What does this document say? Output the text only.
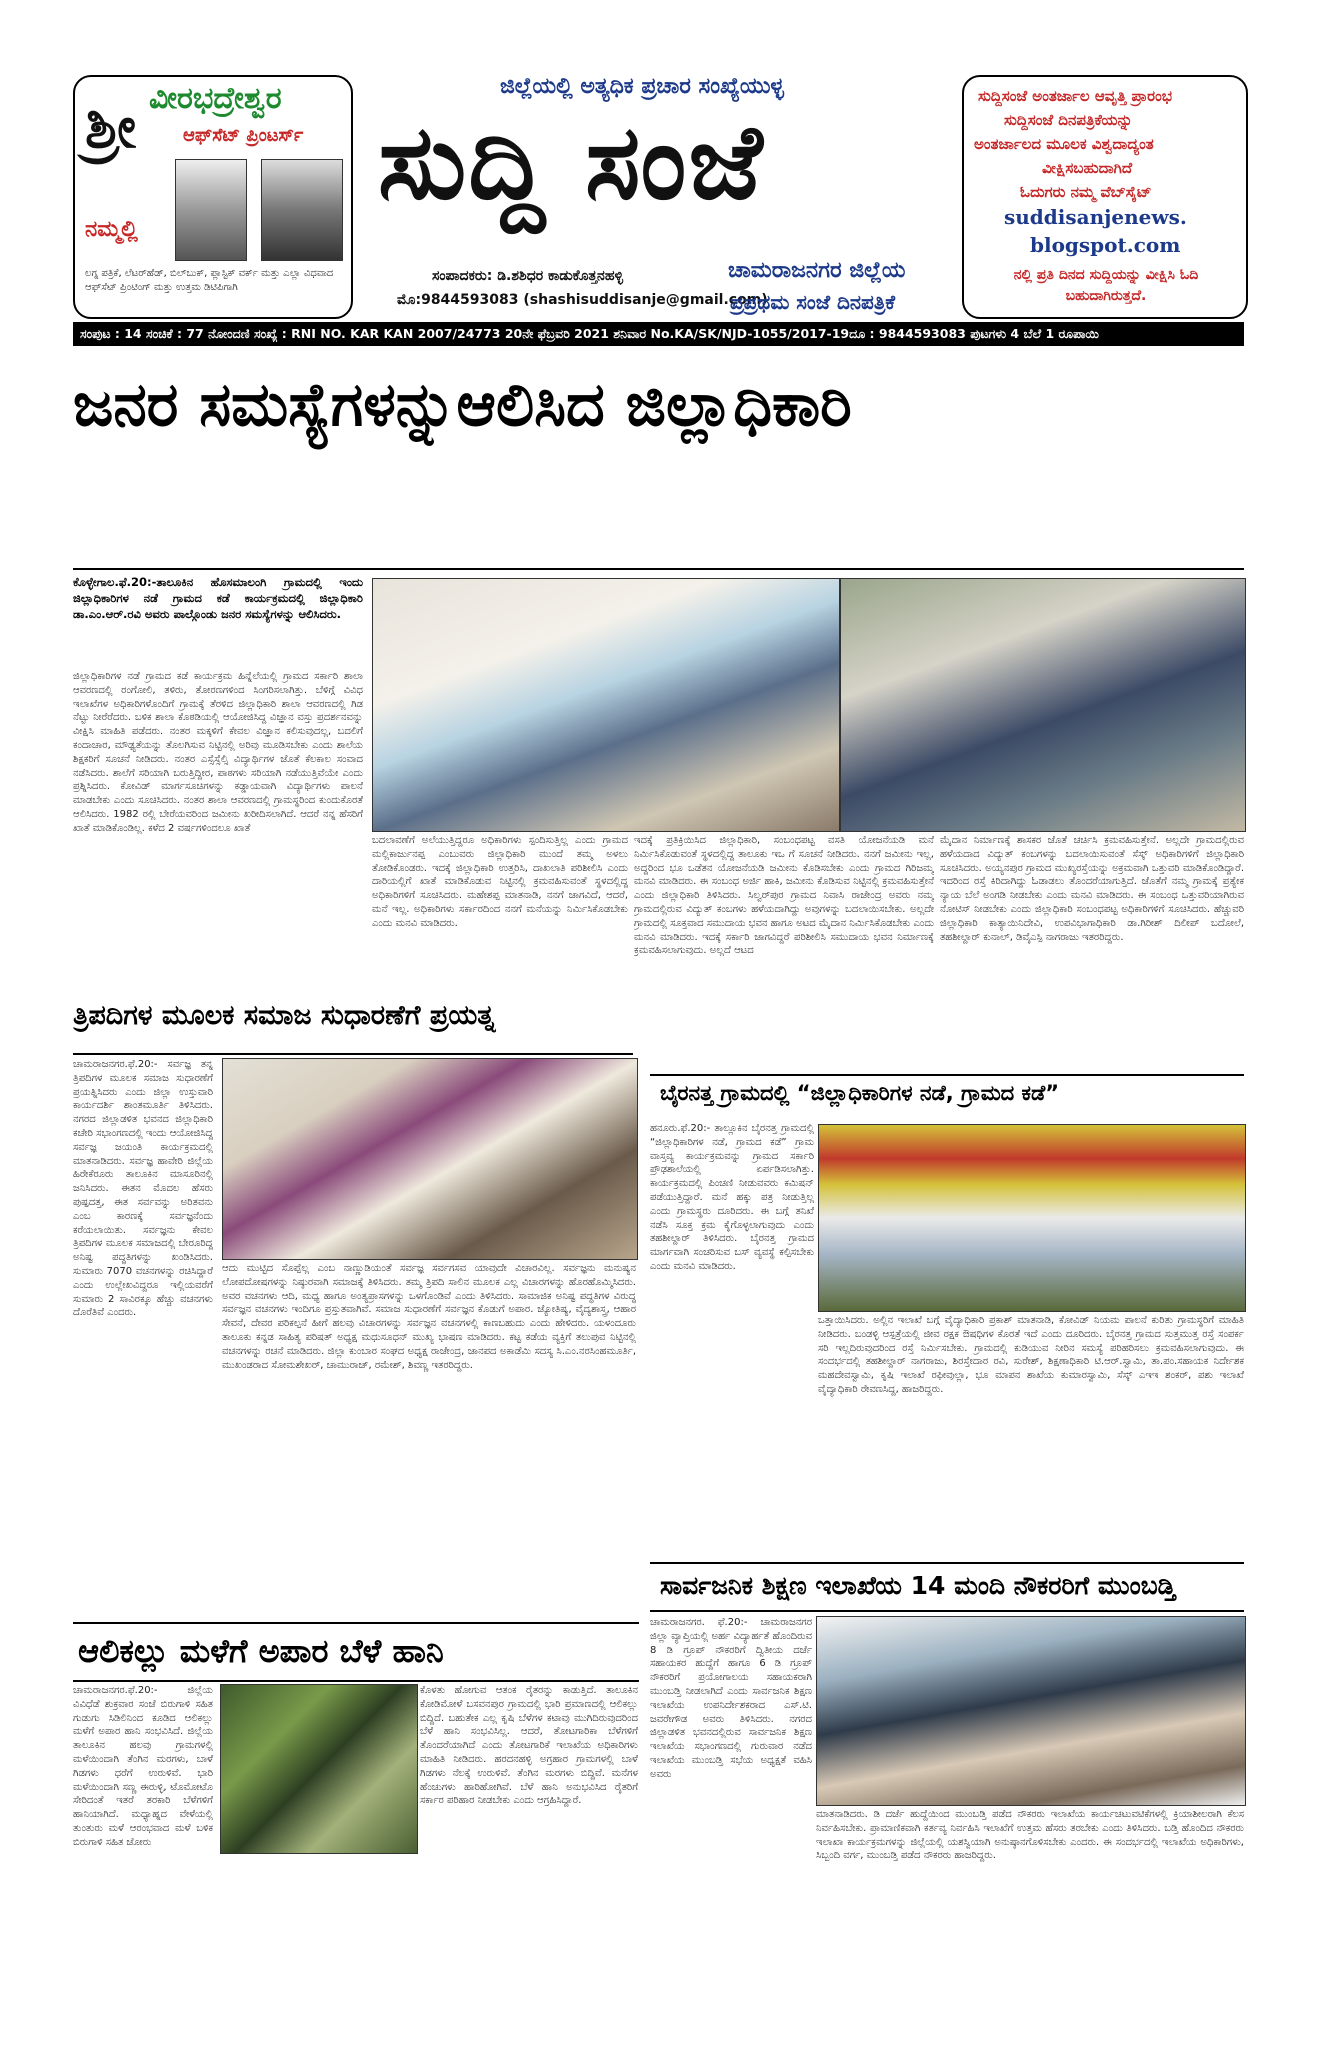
ಶ್ರೀ ವೀರಭದ್ರೇಶ್ವರ
ಆಫ್‌ಸೆಟ್ ಪ್ರಿಂಟರ್ಸ್
ನಮ್ಮಲ್ಲಿ
ಲಗ್ನ ಪತ್ರಿಕೆ, ಲೆಟರ್‌ಹೆಡ್, ಬಿಲ್‌ಬುಕ್, ಪ್ಲಾಸ್ಟಿಕ್ ವರ್ಕ್ ಮತ್ತು ಎಲ್ಲಾ ವಿಧವಾದ ಆಫ್‌ಸೆಟ್ ಪ್ರಿಂಟಿಂಗ್ ಮತ್ತು ಉತ್ತಮ ಡಿಟಿಪಿಗಾಗಿ
ಜಿಲ್ಲೆಯಲ್ಲಿ ಅತ್ಯಧಿಕ ಪ್ರಚಾರ ಸಂಖ್ಯೆಯುಳ್ಳ
ಸುದ್ದಿ ಸಂಜೆ
ಸಂಪಾದಕರು: ಡಿ.ಶಶಿಧರ ಕಾಡುಕೊತ್ತನಹಳ್ಳಿ
ಮೊ:9844593083 (shashisuddisanje@gmail.com)
ಚಾಮರಾಜನಗರ ಜಿಲ್ಲೆಯ
ಪ್ರಪ್ರಥಮ ಸಂಜೆ ದಿನಪತ್ರಿಕೆ
ಸುದ್ದಿಸಂಜೆ ಅಂತರ್ಜಾಲ ಆವೃತ್ತಿ ಪ್ರಾರಂಭ
ಸುದ್ದಿಸಂಜೆ ದಿನಪತ್ರಿಕೆಯನ್ನು
ಅಂತರ್ಜಾಲದ ಮೂಲಕ ವಿಶ್ವದಾದ್ಯಂತ
ವೀಕ್ಷಿಸಬಹುದಾಗಿದೆ
ಓದುಗರು ನಮ್ಮ ವೆಬ್‌ಸೈಟ್
suddisanjenews.
blogspot.com
ನಲ್ಲಿ ಪ್ರತಿ ದಿನದ ಸುದ್ದಿಯನ್ನು ವೀಕ್ಷಿಸಿ ಓದಿ ಬಹುದಾಗಿರುತ್ತದೆ.
ಸಂಪುಟ : 14 ಸಂಚಿಕೆ : 77 ನೋಂದಣಿ ಸಂಖ್ಯೆ : RNI NO. KAR KAN 2007/24773 20ನೇ ಫೆಬ್ರವರಿ 2021 ಶನಿವಾರ No.KA/SK/NJD-1055/2017-19ದೂ : 9844593083 ಪುಟಗಳು 4 ಬೆಲೆ 1 ರೂಪಾಯಿ
ಜನರ ಸಮಸ್ಯೆಗಳನ್ನುಆಲಿಸಿದ ಜಿಲ್ಲಾಧಿಕಾರಿ
ಕೊಳ್ಳೇಗಾಲ.ಫೆ.20:-ತಾಲೂಕಿನ ಹೊಸಮಾಲಂಗಿ ಗ್ರಾಮದಲ್ಲಿ ಇಂದು ಜಿಲ್ಲಾಧಿಕಾರಿಗಳ ನಡೆ ಗ್ರಾಮದ ಕಡೆ ಕಾರ್ಯಕ್ರಮದಲ್ಲಿ ಜಿಲ್ಲಾಧಿಕಾರಿ ಡಾ.ಎಂ.ಆರ್.ರವಿ ಅವರು ಪಾಲ್ಗೊಂಡು ಜನರ ಸಮಸ್ಯೆಗಳನ್ನು ಆಲಿಸಿದರು.
ಜಿಲ್ಲಾಧಿಕಾರಿಗಳ ನಡೆ ಗ್ರಾಮದ ಕಡೆ ಕಾರ್ಯಕ್ರಮ ಹಿನ್ನೆಲೆಯಲ್ಲಿ ಗ್ರಾಮದ ಸರ್ಕಾರಿ ಶಾಲಾ ಆವರಣದಲ್ಲಿ ರಂಗೋಲಿ, ತಳಿರು, ತೋರಣಗಳಿಂದ ಸಿಂಗರಿಸಲಾಗಿತ್ತು. ಬೆಳಿಗ್ಗೆ ವಿವಿಧ ಇಲಾಖೆಗಳ ಅಧಿಕಾರಿಗಳೊಂದಿಗೆ ಗ್ರಾಮಕ್ಕೆ ತೆರಳಿದ ಜಿಲ್ಲಾಧಿಕಾರಿ ಶಾಲಾ ಆವರಣದಲ್ಲಿ ಗಿಡ ನೆಟ್ಟು ನೀರೆರೆದರು. ಬಳಿಕ ಶಾಲಾ ಕೊಠಡಿಯಲ್ಲಿ ಆಯೋಜಿಸಿದ್ದ ವಿಜ್ಞಾನ ವಸ್ತು ಪ್ರದರ್ಶನವನ್ನು ವೀಕ್ಷಿಸಿ ಮಾಹಿತಿ ಪಡೆದರು. ನಂತರ ಮಕ್ಕಳಿಗೆ ಕೇವಲ ವಿಜ್ಞಾನ ಕಲಿಸುವುದಲ್ಲ, ಬದಲಿಗೆ ಕಂದಾಚಾರ, ಮೌಢ್ಯತೆಯನ್ನು ತೊಲಗಿಸುವ ನಿಟ್ಟಿನಲ್ಲಿ ಅರಿವು ಮೂಡಿಸಬೇಕು ಎಂದು ಶಾಲೆಯ ಶಿಕ್ಷಕರಿಗೆ ಸೂಚನೆ ನೀಡಿದರು. ನಂತರ ಎಸ್ಸೆಸ್ಸೆಲ್ಸಿ ವಿದ್ಯಾರ್ಥಿಗಳ ಜೊತೆ ಕೆಲಕಾಲ ಸಂವಾದ ನಡೆಸಿದರು. ಶಾಲೆಗೆ ಸರಿಯಾಗಿ ಬರುತ್ತಿದ್ದೀರ, ಪಾಠಗಳು ಸರಿಯಾಗಿ ನಡೆಯುತ್ತಿವೆಯೇ ಎಂದು ಪ್ರಶ್ನಿಸಿದರು. ಕೋವಿಡ್ ಮಾರ್ಗಸೂಚಿಗಳನ್ನು ಕಡ್ಡಾಯವಾಗಿ ವಿದ್ಯಾರ್ಥಿಗಳು ಪಾಲನೆ ಮಾಡಬೇಕು ಎಂದು ಸೂಚಿಸಿದರು. ನಂತರ ಶಾಲಾ ಆವರಣದಲ್ಲಿ ಗ್ರಾಮಸ್ಥರಿಂದ ಕುಂದುಕೊರತೆ ಆಲಿಸಿದರು. 1982 ರಲ್ಲಿ ಬೇರೆಯವರಿಂದ ಜಮೀನು ಖರೀದಿಸಲಾಗಿದೆ. ಆದರೆ ನನ್ನ ಹೆಸರಿಗೆ ಖಾತೆ ಮಾಡಿಕೊಂಡಿಲ್ಲ. ಕಳೆದ 2 ವರ್ಷಗಳಿಂದಲೂ ಖಾತೆ
ಬದಲಾವಣೆಗೆ ಅಲೆಯುತ್ತಿದ್ದರೂ ಅಧಿಕಾರಿಗಳು ಸ್ಪಂದಿಸುತ್ತಿಲ್ಲ ಎಂದು ಗ್ರಾಮದ ಮಲ್ಲಿಕಾರ್ಜುನಪ್ಪ ಎಂಬುವರು ಜಿಲ್ಲಾಧಿಕಾರಿ ಮುಂದೆ ತಮ್ಮ ಅಳಲು ತೋಡಿಕೊಂಡರು. ಇದಕ್ಕೆ ಜಿಲ್ಲಾಧಿಕಾರಿ ಉತ್ತರಿಸಿ, ದಾಖಲಾತಿ ಪರಿಶೀಲಿಸಿ ಎಂದು ದಾರಿಯಲ್ಲಿಗೆ ಖಾತೆ ಮಾಡಿಕೊಡುವ ನಿಟ್ಟಿನಲ್ಲಿ ಕ್ರಮವಹಿಸುವಂತೆ ಸ್ಥಳದಲ್ಲಿದ್ದ ಅಧಿಕಾರಿಗಳಿಗೆ ಸೂಚಿಸಿದರು. ಮಹೇಶಪ್ಪ ಮಾತನಾಡಿ, ನನಗೆ ಜಾಗವಿದೆ, ಆದರೆ, ಮನೆ ಇಲ್ಲ. ಅಧಿಕಾರಿಗಳು ಸರ್ಕಾರದಿಂದ ನನಗೆ ಮನೆಯನ್ನು ನಿರ್ಮಿಸಿಕೊಡಬೇಕು ಎಂದು ಮನವಿ ಮಾಡಿದರು.
ಇದಕ್ಕೆ ಪ್ರತಿಕ್ರಿಯಿಸಿದ ಜಿಲ್ಲಾಧಿಕಾರಿ, ಸಂಬಂಧಪಟ್ಟ ವಸತಿ ಯೋಜನೆಯಡಿ ಮನೆ ನಿರ್ಮಿಸಿಕೊಡುವಂತೆ ಸ್ಥಳದಲ್ಲಿದ್ದ ತಾಲೂಕು ಇಒ ಗೆ ಸೂಚನೆ ನೀಡಿದರು. ನನಗೆ ಜಮೀನು ಇಲ್ಲ, ಅದ್ದರಿಂದ ಭೂ ಒಡೆತನ ಯೋಜನೆಯಡಿ ಜಮೀನು ಕೊಡಿಸಬೇಕು ಎಂದು ಗ್ರಾಮದ ಗಿರಿಜಮ್ಮ ಮನವಿ ಮಾಡಿದರು. ಈ ಸಂಬಂಧ ಅರ್ಜಿ ಹಾಕಿ, ಜಮೀನು ಕೊಡಿಸುವ ನಿಟ್ಟಿನಲ್ಲಿ ಕ್ರಮವಹಿಸುತ್ತೇನೆ ಎಂದು ಜಿಲ್ಲಾಧಿಕಾರಿ ತಿಳಿಸಿದರು. ಸಿಲ್ವರ್‌ಪುರ ಗ್ರಾಮದ ನಿವಾಸಿ ರಾಜೇಂದ್ರ ಅವರು ನಮ್ಮ ಗ್ರಾಮದಲ್ಲಿರುವ ವಿದ್ಯುತ್ ಕಂಬಗಳು ಹಳೆಯದಾಗಿದ್ದು ಅವುಗಳನ್ನು ಬದಲಾಯಿಸಬೇಕು. ಅಲ್ಲದೇ ಗ್ರಾಮದಲ್ಲಿ ಸೂಕ್ತವಾದ ಸಮುದಾಯ ಭವನ ಹಾಗೂ ಅಟದ ಮೈದಾನ ನಿರ್ಮಿಸಿಕೊಡಬೇಕು ಎಂದು ಮನವಿ ಮಾಡಿದರು. ಇದಕ್ಕೆ ಸರ್ಕಾರಿ ಜಾಗವಿದ್ದರೆ ಪರಿಶೀಲಿಸಿ ಸಮುದಾಯ ಭವನ ನಿರ್ಮಾಣಕ್ಕೆ ಕ್ರಮವಹಿಸಲಾಗುವುದು. ಅಲ್ಲದೆ ಆಟದ
ಮೈದಾನ ನಿರ್ಮಾಣಕ್ಕೆ ಶಾಸಕರ ಜೊತೆ ಚರ್ಚಿಸಿ ಕ್ರಮವಹಿಸುತ್ತೇನೆ. ಅಲ್ಲದೇ ಗ್ರಾಮದಲ್ಲಿರುವ ಹಳೆಯದಾದ ವಿದ್ಯುತ್ ಕಂಬಗಳನ್ನು ಬದಲಾಯಿಸುವಂತೆ ಸೆಸ್ಕ್ ಅಧಿಕಾರಿಗಳಿಗೆ ಜಿಲ್ಲಾಧಿಕಾರಿ ಸೂಚಿಸಿದರು. ಅಯ್ಯನಪುರ ಗ್ರಾಮದ ಮುಖ್ಯರಸ್ತೆಯನ್ನು ಅಕ್ರಮವಾಗಿ ಒತ್ತುವರಿ ಮಾಡಿಕೊಂಡಿದ್ದಾರೆ. ಇದರಿಂದ ರಸ್ತೆ ಕಿರಿದಾಗಿದ್ದು ಓಡಾಡಲು ತೊಂದರೆಯಾಗುತ್ತಿದೆ. ಜೊತೆಗೆ ನಮ್ಮ ಗ್ರಾಮಕ್ಕೆ ಪ್ರತ್ಯೇಕ ನ್ಯಾಯ ಬೆಲೆ ಅಂಗಡಿ ನೀಡಬೇಕು ಎಂದು ಮನವಿ ಮಾಡಿದರು. ಈ ಸಂಬಂಧ ಒತ್ತುವರಿಯಾಗಿರುವ ನೋಟಿಸ್ ನೀಡಬೇಕು ಎಂದು ಜಿಲ್ಲಾಧಿಕಾರಿ ಸಂಬಂಧಪಟ್ಟ ಅಧಿಕಾರಿಗಳಿಗೆ ಸೂಚಿಸಿದರು. ಹೆಚ್ಚುವರಿ ಜಿಲ್ಲಾಧಿಕಾರಿ ಕಾತ್ಯಾಯಿನಿದೇವಿ, ಉಪವಿಭಾಗಾಧಿಕಾರಿ ಡಾ.ಗಿರೀಶ್ ದಿಲೀಪ್ ಬದೋಲೆ, ತಹಶೀಲ್ದಾರ್ ಕುನಾಲ್, ಡಿವೈಎಸ್ಪಿ ನಾಗರಾಜು ಇತರರಿದ್ದರು.
ತ್ರಿಪದಿಗಳ ಮೂಲಕ ಸಮಾಜ ಸುಧಾರಣೆಗೆ ಪ್ರಯತ್ನ
ಚಾಮರಾಜನಗರ.ಫೆ.20:- ಸರ್ವಜ್ಞ ತನ್ನ ತ್ರಿಪದಿಗಳ ಮೂಲಕ ಸಮಾಜ ಸುಧಾರಣೆಗೆ ಪ್ರಯತ್ನಿಸಿದರು ಎಂದು ಜಿಲ್ಲಾ ಉಸ್ತುವಾರಿ ಕಾರ್ಯದರ್ಶಿ ಶಾಂತಮೂರ್ತಿ ತಿಳಿಸಿದರು. ನಗರದ ಜಿಲ್ಲಾಡಳಿತ ಭವನದ ಜಿಲ್ಲಾಧಿಕಾರಿ ಕಚೇರಿ ಸಭಾಂಗಣದಲ್ಲಿ ಇಂದು ಆಯೋಜಿಸಿದ್ದ ಸರ್ವಜ್ಞ ಜಯಂತಿ ಕಾರ್ಯಕ್ರಮದಲ್ಲಿ ಮಾತನಾಡಿದರು. ಸರ್ವಜ್ಞ ಹಾವೇರಿ ಜಿಲ್ಲೆಯ ಹಿರೇಕೆರೂರು ತಾಲೂಕಿನ ಮಾಸೂರಿನಲ್ಲಿ ಜನಿಸಿದರು. ಈತನ ಮೊದಲ ಹೆಸರು ಪುಷ್ಪದತ್ತ, ಈತ ಸರ್ವವನ್ನು ಅರಿತವನು ಎಂಬ ಕಾರಣಕ್ಕೆ ಸರ್ವಜ್ಞನೆಂದು ಕರೆಯಲಾಯಿತು. ಸರ್ವಜ್ಞನು ಕೇವಲ ತ್ರಿಪದಿಗಳ ಮೂಲಕ ಸಮಾಜದಲ್ಲಿ ಬೇರೂರಿದ್ದ ಅನಿಷ್ಟ ಪದ್ಧತಿಗಳನ್ನು ಖಂಡಿಸಿದರು. ಸುಮಾರು 7070 ವಚನಗಳನ್ನು ರಚಿಸಿದ್ದಾರೆ ಎಂದು ಉಲ್ಲೇಖವಿದ್ದರೂ ಇಲ್ಲಿಯವರೆಗೆ ಸುಮಾರು 2 ಸಾವಿರಕ್ಕೂ ಹೆಚ್ಚು ವಚನಗಳು ದೊರೆತಿವೆ ಎಂದರು.
ಆದು ಮುಟ್ಟಿದ ಸೊಪ್ಪೆಲ್ಲ ಎಂಬ ನಾಣ್ಣುಡಿಯಂತೆ ಸರ್ವಜ್ಞ ಸರ್ವಗಸವ ಯಾವುದೇ ವಿಚಾರವಿಲ್ಲ. ಸರ್ವಜ್ಞನು ಮನುಷ್ಯನ ಲೋಪದೋಷಗಳನ್ನು ನಿಷ್ಠುರವಾಗಿ ಸಮಾಜಕ್ಕೆ ತಿಳಿಸಿದರು. ತಮ್ಮ ತ್ರಿಪದಿ ಸಾಲಿನ ಮೂಲಕ ಎಲ್ಲ ವಿಚಾರಗಳನ್ನು ಹೊರಹೊಮ್ಮಿಸಿದರು. ಅವರ ವಚನಗಳು ಆದಿ, ಮಧ್ಯ ಹಾಗೂ ಅಂತ್ಯಪ್ರಾಸಗಳನ್ನು ಒಳಗೊಂಡಿವೆ ಎಂದು ತಿಳಿಸಿದರು. ಸಾಮಾಜಿಕ ಅನಿಷ್ಟ ಪದ್ಧತಿಗಳ ವಿರುದ್ಧ ಸರ್ವಜ್ಞನ ವಚನಗಳು ಇಂದಿಗೂ ಪ್ರಸ್ತುತವಾಗಿವೆ. ಸಮಾಜ ಸುಧಾರಣೆಗೆ ಸರ್ವಜ್ಞನ ಕೊಡುಗೆ ಅಪಾರ. ಜ್ಯೋತಿಷ್ಯ, ವೈದ್ಯಶಾಸ್ತ್ರ, ಆಹಾರ ಸೇವನೆ, ದೇವರ ಪರಿಕಲ್ಪನೆ ಹೀಗೆ ಹಲವು ವಿಚಾರಗಳನ್ನು ಸರ್ವಜ್ಞನ ವಚನಗಳಲ್ಲಿ ಕಾಣಬಹುದು ಎಂದು ಹೇಳಿದರು. ಯಳಂದೂರು ತಾಲೂಕು ಕನ್ನಡ ಸಾಹಿತ್ಯ ಪರಿಷತ್ ಅಧ್ಯಕ್ಷ ಮಧುಸೂಧನ್ ಮುಖ್ಯ ಭಾಷಣ ಮಾಡಿದರು. ಕಟ್ಟ ಕಡೆಯ ವ್ಯಕ್ತಿಗೆ ತಲುಪುವ ನಿಟ್ಟಿನಲ್ಲಿ ವಚನಗಳನ್ನು ರಚನೆ ಮಾಡಿದರು. ಜಿಲ್ಲಾ ಕುಂಬಾರ ಸಂಘದ ಅಧ್ಯಕ್ಷ ರಾಜೇಂದ್ರ, ಜಾನಪದ ಅಕಾಡೆಮಿ ಸದಸ್ಯ ಸಿ.ಎಂ.ನರಸಿಂಹಮೂರ್ತಿ, ಮುಖಂಡರಾದ ಸೋಮಶೇಖರ್, ಚಾಮುರಾಜ್, ರಮೇಶ್, ಶಿವಣ್ಣ ಇತರರಿದ್ದರು.
ಬೈರನತ್ತ ಗ್ರಾಮದಲ್ಲಿ “ಜಿಲ್ಲಾಧಿಕಾರಿಗಳ ನಡೆ, ಗ್ರಾಮದ ಕಡೆ”
ಹನೂರು.ಫೆ.20:- ತಾಲ್ಲೂಕಿನ ಬೈರನತ್ತ ಗ್ರಾಮದಲ್ಲಿ “ಜಿಲ್ಲಾಧಿಕಾರಿಗಳ ನಡೆ, ಗ್ರಾಮದ ಕಡೆ” ಗ್ರಾಮ ವಾಸ್ತವ್ಯ ಕಾರ್ಯಕ್ರಮವನ್ನು ಗ್ರಾಮದ ಸರ್ಕಾರಿ ಪ್ರೌಢಶಾಲೆಯಲ್ಲಿ ಏರ್ಪಡಿಸಲಾಗಿತ್ತು. ಕಾರ್ಯಕ್ರಮದಲ್ಲಿ ಪಿಂಚಣಿ ನೀಡುವವರು ಕಮಿಷನ್ ಪಡೆಯುತ್ತಿದ್ದಾರೆ. ಮನೆ ಹಕ್ಕು ಪತ್ರ ನೀಡುತ್ತಿಲ್ಲ ಎಂದು ಗ್ರಾಮಸ್ಥರು ದೂರಿದರು. ಈ ಬಗ್ಗೆ ತನಿಖೆ ನಡೆಸಿ ಸೂಕ್ತ ಕ್ರಮ ಕೈಗೊಳ್ಳಲಾಗುವುದು ಎಂದು ತಹಶೀಲ್ದಾರ್ ತಿಳಿಸಿದರು. ಬೈರನತ್ತ ಗ್ರಾಮದ ಮಾರ್ಗವಾಗಿ ಸಂಚರಿಸುವ ಬಸ್ ವ್ಯವಸ್ಥೆ ಕಲ್ಪಿಸಬೇಕು ಎಂದು ಮನವಿ ಮಾಡಿದರು.
ಒತ್ತಾಯಿಸಿದರು. ಅಲ್ಲಿನ ಇಲಾಖೆ ಬಗ್ಗೆ ವೈದ್ಯಾಧಿಕಾರಿ ಪ್ರಕಾಶ್ ಮಾತನಾಡಿ, ಕೋವಿಡ್ ನಿಯಮ ಪಾಲನೆ ಕುರಿತು ಗ್ರಾಮಸ್ಥರಿಗೆ ಮಾಹಿತಿ ನೀಡಿದರು. ಬಂಡಳ್ಳಿ ಆಸ್ಪತ್ರೆಯಲ್ಲಿ ಜೀವ ರಕ್ಷಕ ಔಷಧಿಗಳ ಕೊರತೆ ಇದೆ ಎಂದು ದೂರಿದರು. ಬೈರನತ್ತ ಗ್ರಾಮದ ಸುತ್ತಮುತ್ತ ರಸ್ತೆ ಸಂಪರ್ಕ ಸರಿ ಇಲ್ಲದಿರುವುದರಿಂದ ರಸ್ತೆ ನಿರ್ಮಿಸಬೇಕು. ಗ್ರಾಮದಲ್ಲಿ ಕುಡಿಯುವ ನೀರಿನ ಸಮಸ್ಯೆ ಪರಿಹರಿಸಲು ಕ್ರಮವಹಿಸಲಾಗುವುದು. ಈ ಸಂದರ್ಭದಲ್ಲಿ ತಹಶೀಲ್ದಾರ್ ನಾಗರಾಜು, ಶಿರಸ್ತೇದಾರ ರವಿ, ಸುರೇಶ್, ಶಿಕ್ಷಣಾಧಿಕಾರಿ ಟಿ.ಆರ್.ಸ್ವಾಮಿ, ತಾ.ಪಂ.ಸಹಾಯಕ ನಿರ್ದೇಶಕ ಮಹದೇವಸ್ವಾಮಿ, ಕೃಷಿ ಇಲಾಖೆ ರಫೀವುಲ್ಲಾ, ಭೂ ಮಾಪನ ಶಾಖೆಯ ಕುಮಾರಸ್ವಾಮಿ, ಸೆಸ್ಕ್ ಎಇಇ ಶಂಕರ್, ಪಶು ಇಲಾಖೆ ವೈದ್ಯಾಧಿಕಾರಿ ರೇವಣಸಿದ್ದ, ಹಾಜರಿದ್ದರು.
ಸಾರ್ವಜನಿಕ ಶಿಕ್ಷಣ ಇಲಾಖೆಯ 14 ಮಂದಿ ನೌಕರರಿಗೆ ಮುಂಬಡ್ತಿ
ಚಾಮರಾಜನಗರ. ಫೆ.20:- ಚಾಮರಾಜನಗರ ಜಿಲ್ಲಾ ವ್ಯಾಪ್ತಿಯಲ್ಲಿ ಅರ್ಹ ವಿದ್ಯಾರ್ಹತೆ ಹೊಂದಿರುವ 8 ಡಿ ಗ್ರೂಪ್ ನೌಕರರಿಗೆ ದ್ವಿತೀಯ ದರ್ಜೆ ಸಹಾಯಕರ ಹುದ್ದೆಗೆ ಹಾಗೂ 6 ಡಿ ಗ್ರೂಪ್ ನೌಕರರಿಗೆ ಪ್ರಯೋಗಾಲಯ ಸಹಾಯಕರಾಗಿ ಮುಂಬಡ್ತಿ ನೀಡಲಾಗಿದೆ ಎಂದು ಸಾರ್ವಜನಿಕ ಶಿಕ್ಷಣ ಇಲಾಖೆಯ ಉಪನಿರ್ದೇಶಕರಾದ ಎಸ್.ಟಿ. ಜವರೇಗೌಡ ಅವರು ತಿಳಿಸಿದರು. ನಗರದ ಜಿಲ್ಲಾಡಳಿತ ಭವನದಲ್ಲಿರುವ ಸಾರ್ವಜನಿಕ ಶಿಕ್ಷಣ ಇಲಾಖೆಯ ಸಭಾಂಗಣದಲ್ಲಿ ಗುರುವಾರ ನಡೆದ ಇಲಾಖೆಯ ಮುಂಬಡ್ತಿ ಸಭೆಯ ಅಧ್ಯಕ್ಷತೆ ವಹಿಸಿ ಅವರು
ಮಾತನಾಡಿದರು. ಡಿ ದರ್ಜೆ ಹುದ್ದೆಯಿಂದ ಮುಂಬಡ್ತಿ ಪಡೆದ ನೌಕರರು ಇಲಾಖೆಯ ಕಾರ್ಯಚಟುವಟಿಕೆಗಳಲ್ಲಿ ಕ್ರಿಯಾಶೀಲರಾಗಿ ಕೆಲಸ ನಿರ್ವಹಿಸಬೇಕು. ಪ್ರಾಮಾಣಿಕವಾಗಿ ಕರ್ತವ್ಯ ನಿರ್ವಹಿಸಿ ಇಲಾಖೆಗೆ ಉತ್ತಮ ಹೆಸರು ತರಬೇಕು ಎಂದು ತಿಳಿಸಿದರು. ಬಡ್ತಿ ಹೊಂದಿದ ನೌಕರರು ಇಲಾಖಾ ಕಾರ್ಯಕ್ರಮಗಳನ್ನು ಜಿಲ್ಲೆಯಲ್ಲಿ ಯಶಸ್ವಿಯಾಗಿ ಅನುಷ್ಠಾನಗೊಳಿಸಬೇಕು ಎಂದರು. ಈ ಸಂದರ್ಭದಲ್ಲಿ ಇಲಾಖೆಯ ಅಧಿಕಾರಿಗಳು, ಸಿಬ್ಬಂದಿ ವರ್ಗ, ಮುಂಬಡ್ತಿ ಪಡೆದ ನೌಕರರು ಹಾಜರಿದ್ದರು.
ಆಲಿಕಲ್ಲು ಮಳೆಗೆ ಅಪಾರ ಬೆಳೆ ಹಾನಿ
ಚಾಮರಾಜನಗರ.ಫೆ.20:- ಜಿಲ್ಲೆಯ ವಿವಿಧೆಡೆ ಶುಕ್ರವಾರ ಸಂಜೆ ಬಿರುಗಾಳಿ ಸಹಿತ ಗುಡುಗು ಸಿಡಿಲಿನಿಂದ ಕೂಡಿದ ಆಲಿಕಲ್ಲು ಮಳೆಗೆ ಅಪಾರ ಹಾನಿ ಸಂಭವಿಸಿದೆ. ಜಿಲ್ಲೆಯ ತಾಲೂಕಿನ ಹಲವು ಗ್ರಾಮಗಳಲ್ಲಿ ಮಳೆಯಿಂದಾಗಿ ತೆಂಗಿನ ಮರಗಳು, ಬಾಳೆ ಗಿಡಗಳು ಧರೆಗೆ ಉರುಳಿವೆ. ಭಾರಿ ಮಳೆಯಿಂದಾಗಿ ಸಣ್ಣ ಈರುಳ್ಳಿ, ಟೊಮೋಟೊ ಸೇರಿದಂತೆ ಇತರೆ ತರಕಾರಿ ಬೆಳೆಗಳಿಗೆ ಹಾನಿಯಾಗಿದೆ. ಮಧ್ಯಾಹ್ನದ ವೇಳೆಯಲ್ಲಿ ತುಂತುರು ಮಳೆ ಆರಂಭವಾದ ಮಳೆ ಬಳಿಕ ಬಿರುಗಾಳಿ ಸಹಿತ ಜೋರು
ಕೊಳತು ಹೋಗುವ ಆತಂಕ ರೈತರನ್ನು ಕಾಡುತ್ತಿದೆ. ತಾಲೂಕಿನ ಕೋಡಿಮೋಳೆ ಬಸವನಪುರ ಗ್ರಾಮದಲ್ಲಿ ಭಾರಿ ಪ್ರಮಾಣದಲ್ಲಿ ಆಲಿಕಲ್ಲು ಬಿದ್ದಿದೆ. ಬಹುತೇಕ ಎಲ್ಲ ಕೃಷಿ ಬೆಳೆಗಳ ಕಟಾವು ಮುಗಿದಿರುವುದರಿಂದ ಬೆಳೆ ಹಾನಿ ಸಂಭವಿಸಿಲ್ಲ. ಆದರೆ, ತೋಟಗಾರಿಕಾ ಬೆಳೆಗಳಿಗೆ ತೊಂದರೆಯಾಗಿದೆ ಎಂದು ತೋಟಗಾರಿಕೆ ಇಲಾಖೆಯ ಅಧಿಕಾರಿಗಳು ಮಾಹಿತಿ ನೀಡಿದರು. ಹರದನಹಳ್ಳಿ ಅಗ್ರಹಾರ ಗ್ರಾಮಗಳಲ್ಲಿ ಬಾಳೆ ಗಿಡಗಳು ನೆಲಕ್ಕೆ ಉರುಳಿವೆ. ತೆಂಗಿನ ಮರಗಳು ಬಿದ್ದಿವೆ. ಮನೆಗಳ ಹೆಂಚುಗಳು ಹಾರಿಹೋಗಿವೆ. ಬೆಳೆ ಹಾನಿ ಅನುಭವಿಸಿದ ರೈತರಿಗೆ ಸರ್ಕಾರ ಪರಿಹಾರ ನೀಡಬೇಕು ಎಂದು ಆಗ್ರಹಿಸಿದ್ದಾರೆ.
